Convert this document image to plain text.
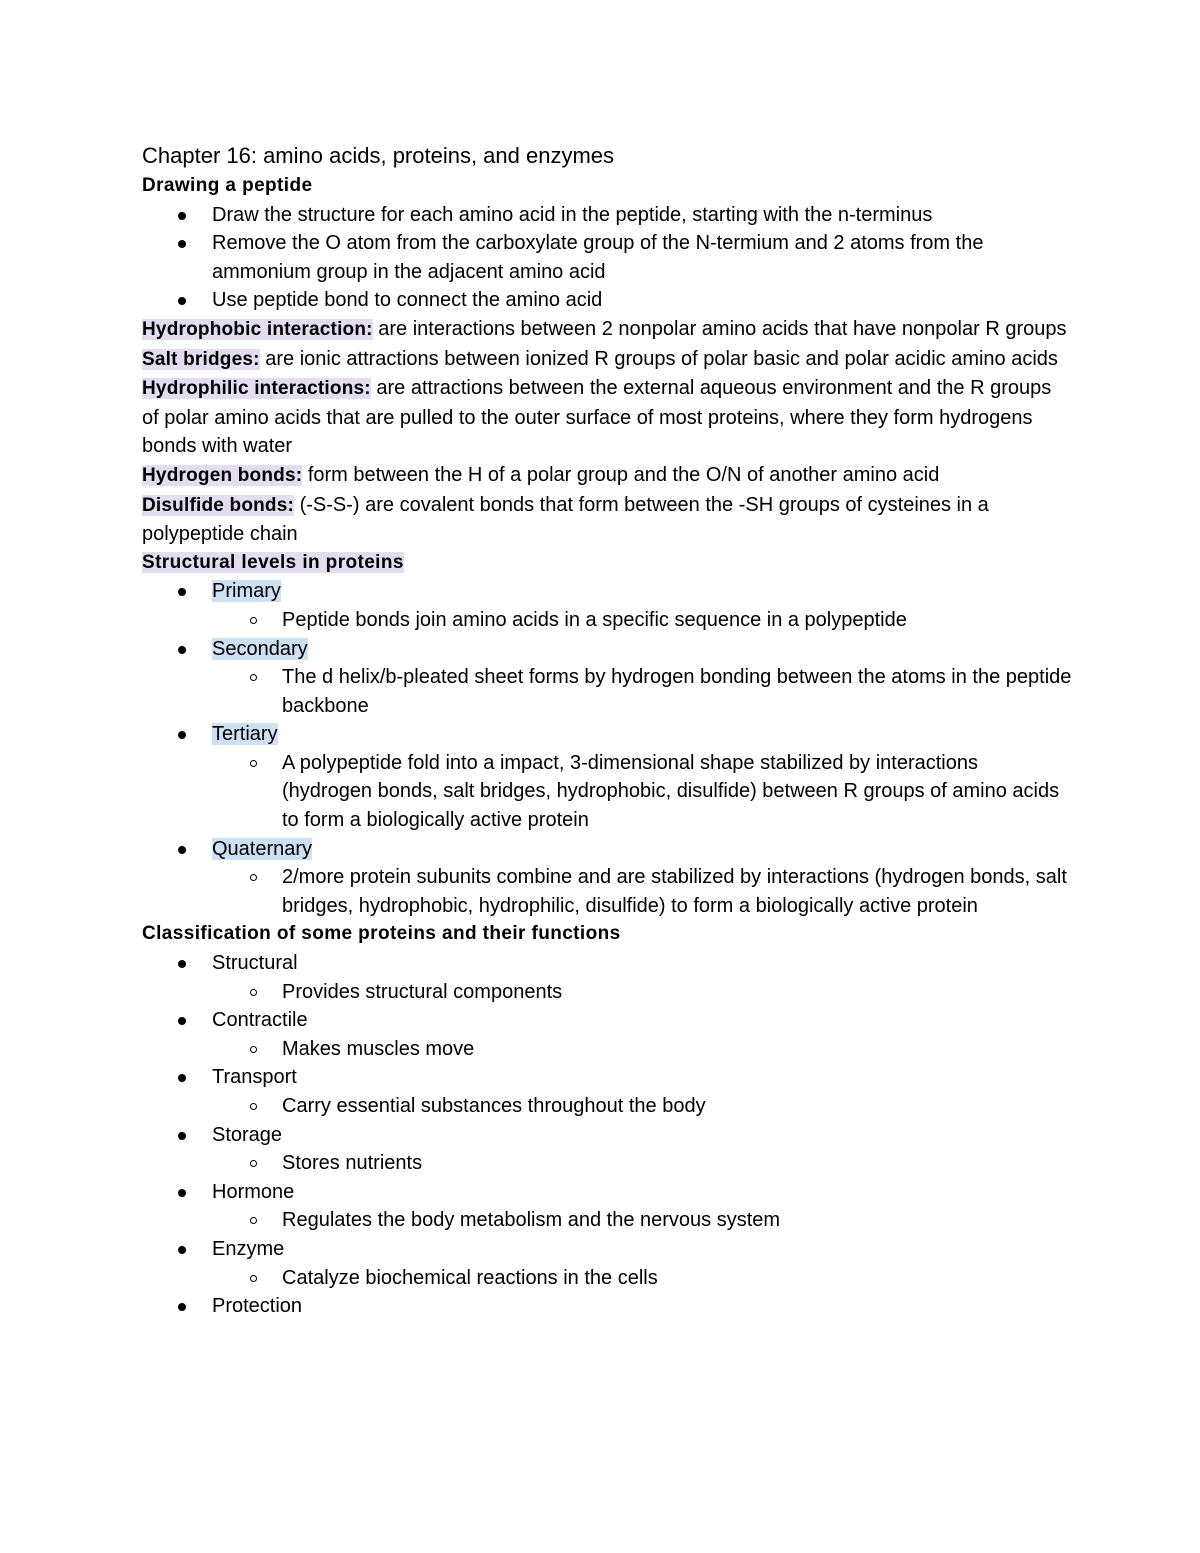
Chapter 16: amino acids, proteins, and enzymes

Drawing a peptide

Draw the structure for each amino acid in the peptide, starting with the n-terminus
Remove the O atom from the carboxylate group of the N-termium and 2 atoms from the ammonium group in the adjacent amino acid
Use peptide bond to connect the amino acid

Hydrophobic interaction: are interactions between 2 nonpolar amino acids that have nonpolar R groups

Salt bridges: are ionic attractions between ionized R groups of polar basic and polar acidic amino acids

Hydrophilic interactions: are attractions between the external aqueous environment and the R groups of polar amino acids that are pulled to the outer surface of most proteins, where they form hydrogens bonds with water

Hydrogen bonds: form between the H of a polar group and the O/N of another amino acid

Disulfide bonds: (-S-S-) are covalent bonds that form between the -SH groups of cysteines in a polypeptide chain

Structural levels in proteins

Primary
Peptide bonds join amino acids in a specific sequence in a polypeptide
Secondary
The d helix/b-pleated sheet forms by hydrogen bonding between the atoms in the peptide backbone
Tertiary
A polypeptide fold into a impact, 3-dimensional shape stabilized by interactions (hydrogen bonds, salt bridges, hydrophobic, disulfide) between R groups of amino acids to form a biologically active protein
Quaternary
2/more protein subunits combine and are stabilized by interactions (hydrogen bonds, salt bridges, hydrophobic, hydrophilic, disulfide) to form a biologically active protein

Classification of some proteins and their functions

Structural
Provides structural components
Contractile
Makes muscles move
Transport
Carry essential substances throughout the body
Storage
Stores nutrients
Hormone
Regulates the body metabolism and the nervous system
Enzyme
Catalyze biochemical reactions in the cells
Protection
